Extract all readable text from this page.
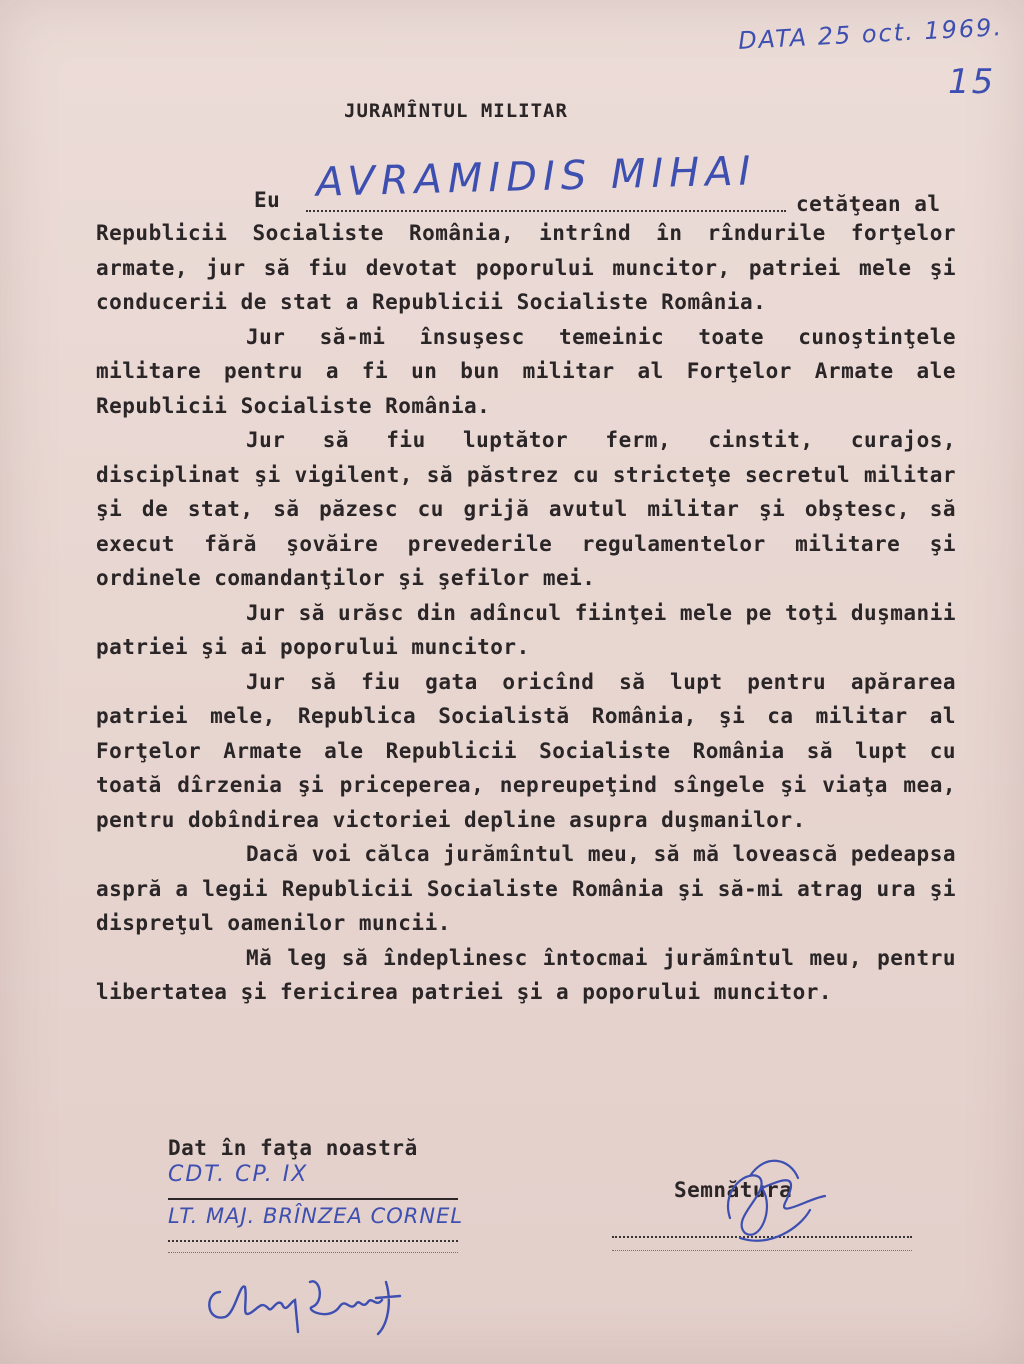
DATA 25 oct. 1969.
15
JURAMÎNTUL MILITAR
Eu AVRAMIDIS MIHAI cetăţean al

Republicii Socialiste România, intrînd în rîndurile forţelor armate, jur să fiu devotat poporului muncitor, patriei mele şi conducerii de stat a Republicii Socialiste România.

Jur să-mi însuşesc temeinic toate cunoştinţele militare pentru a fi un bun militar al Forţelor Armate ale Republicii Socialiste România.

Jur să fiu luptător ferm, cinstit, curajos, disciplinat şi vigilent, să păstrez cu stricteţe secretul militar şi de stat, să păzesc cu grijă avutul militar şi obştesc, să execut fără şovăire prevederile regulamentelor militare şi ordinele comandanţilor şi şefilor mei.

Jur să urăsc din adîncul fiinţei mele pe toţi duşmanii patriei şi ai poporului muncitor.

Jur să fiu gata oricînd să lupt pentru apărarea patriei mele, Republica Socialistă România, şi ca militar al Forţelor Armate ale Republicii Socialiste România să lupt cu toată dîrzenia şi priceperea, nepreupeţind sîngele şi viaţa mea, pentru dobîndirea victoriei depline asupra duşmanilor.

Dacă voi călca jurămîntul meu, să mă lovească pedeapsa aspră a legii Republicii Socialiste România şi să-mi atrag ura şi dispreţul oamenilor muncii.

Mă leg să îndeplinesc întocmai jurămîntul meu, pentru libertatea şi fericirea patriei şi a poporului muncitor.

Dat în faţa noastră
CDT. CP. IX
LT. MAJ. BRÎNZEA CORNEL
Semnătura
